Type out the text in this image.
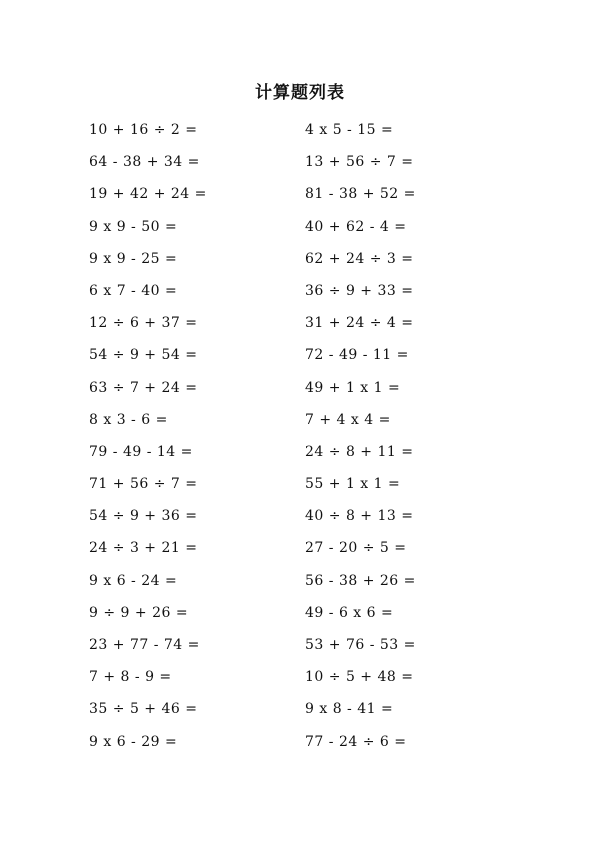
计算题列表
10 + 16 ÷ 2 =
64 - 38 + 34 =
19 + 42 + 24 =
9 x 9 - 50 =
9 x 9 - 25 =
6 x 7 - 40 =
12 ÷ 6 + 37 =
54 ÷ 9 + 54 =
63 ÷ 7 + 24 =
8 x 3 - 6 =
79 - 49 - 14 =
71 + 56 ÷ 7 =
54 ÷ 9 + 36 =
24 ÷ 3 + 21 =
9 x 6 - 24 =
9 ÷ 9 + 26 =
23 + 77 - 74 =
7 + 8 - 9 =
35 ÷ 5 + 46 =
9 x 6 - 29 =
4 x 5 - 15 =
13 + 56 ÷ 7 =
81 - 38 + 52 =
40 + 62 - 4 =
62 + 24 ÷ 3 =
36 ÷ 9 + 33 =
31 + 24 ÷ 4 =
72 - 49 - 11 =
49 + 1 x 1 =
7 + 4 x 4 =
24 ÷ 8 + 11 =
55 + 1 x 1 =
40 ÷ 8 + 13 =
27 - 20 ÷ 5 =
56 - 38 + 26 =
49 - 6 x 6 =
53 + 76 - 53 =
10 ÷ 5 + 48 =
9 x 8 - 41 =
77 - 24 ÷ 6 =
